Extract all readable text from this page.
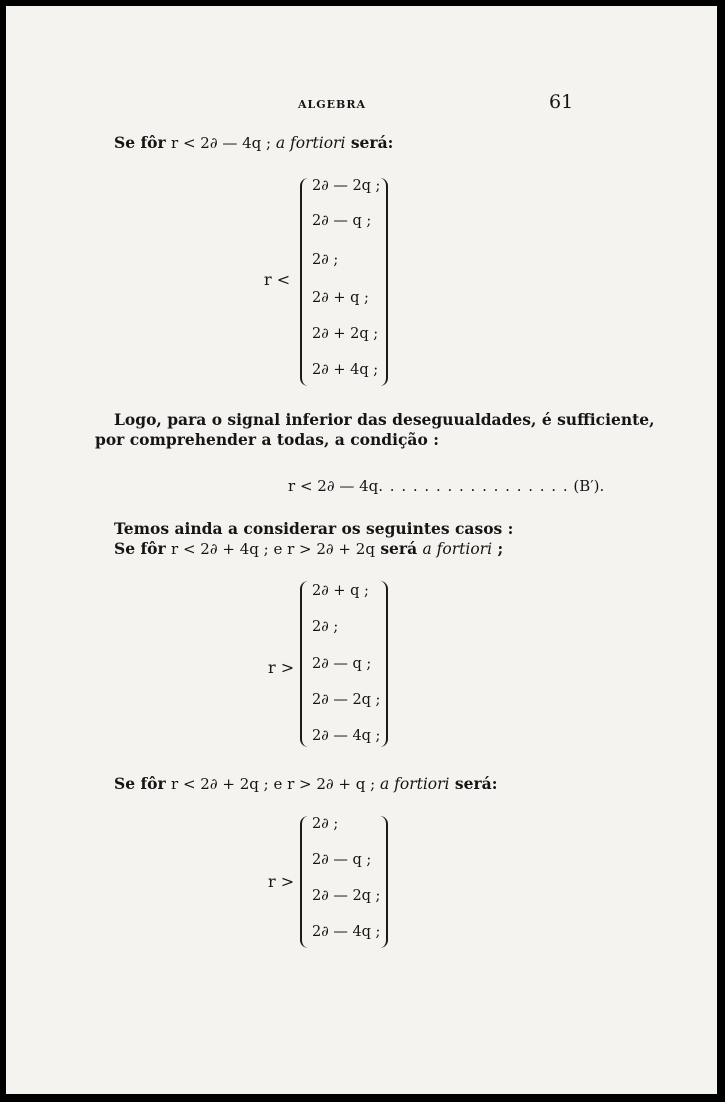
ALGEBRA	61
Se fôr r < 2∂ — 4q ; a fortiori será:
r <
2∂ — 2q ;
2∂ — q ;
2∂ ;
2∂ + q ;
2∂ + 2q ;
2∂ + 4q ;
Logo, para o signal inferior das deseguualdades, é sufficiente,
por comprehender a todas, a condição :
r < 2∂ — 4q. . . . . . . . . . . . . . . . . (B′).
Temos ainda a considerar os seguintes casos :
Se fôr r < 2∂ + 4q ; e r > 2∂ + 2q será a fortiori ;
r >
2∂ + q ;
2∂ ;
2∂ — q ;
2∂ — 2q ;
2∂ — 4q ;
Se fôr r < 2∂ + 2q ; e r > 2∂ + q ; a fortiori será:
r >
2∂ ;
2∂ — q ;
2∂ — 2q ;
2∂ — 4q ;
